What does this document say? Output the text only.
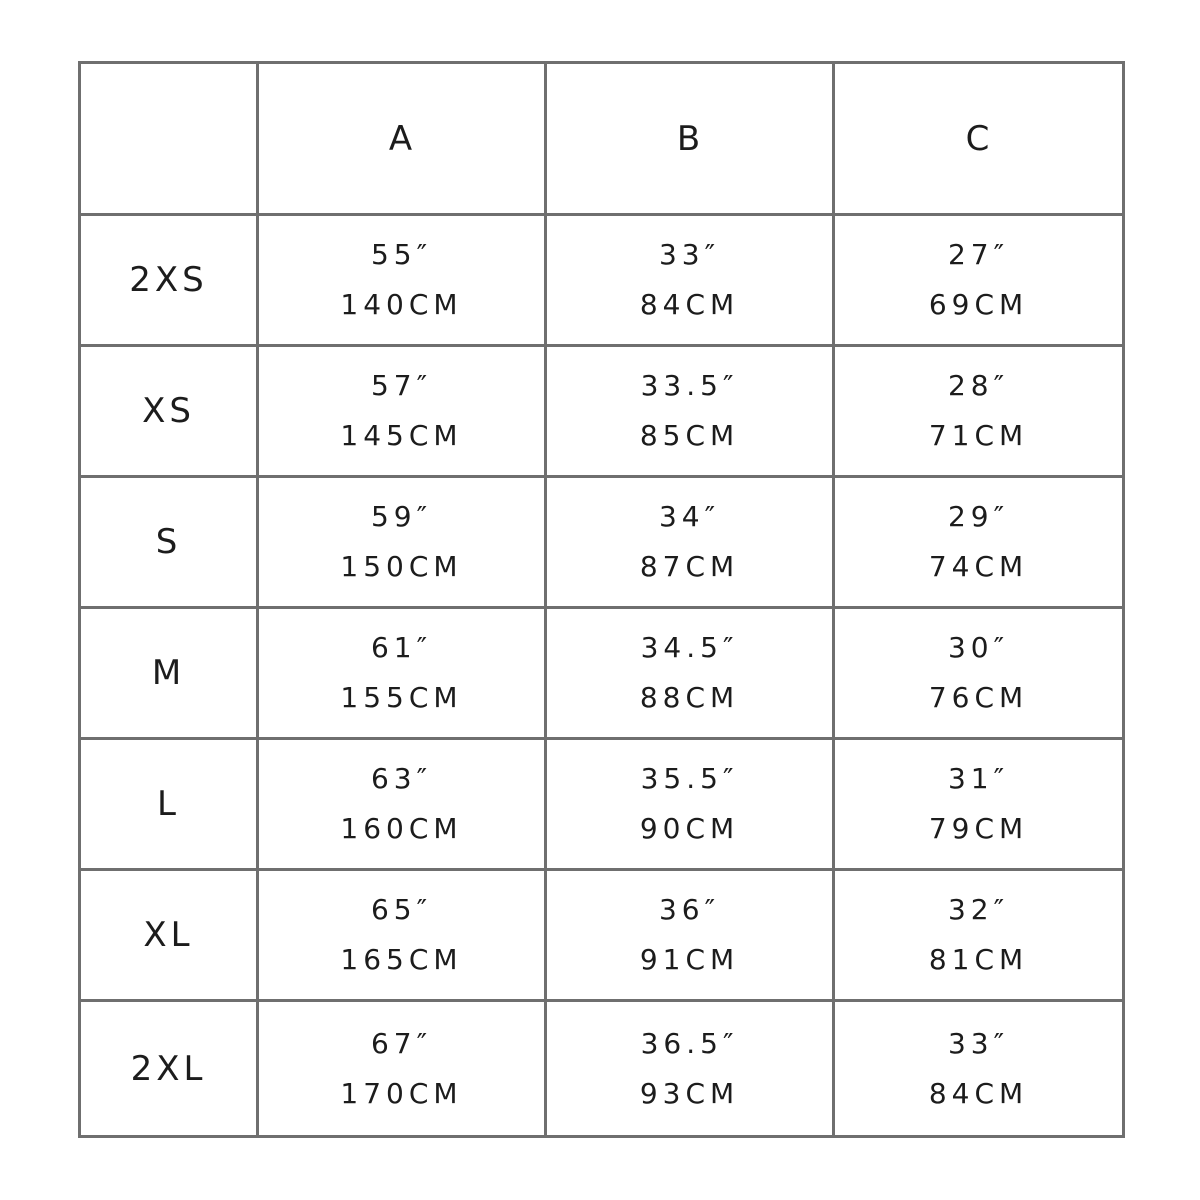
A	B	C
2XS
55″
140CM
33″
84CM
27″
69CM
XS
57″
145CM
33.5″
85CM
28″
71CM
S
59″
150CM
34″
87CM
29″
74CM
M
61″
155CM
34.5″
88CM
30″
76CM
L
63″
160CM
35.5″
90CM
31″
79CM
XL
65″
165CM
36″
91CM
32″
81CM
2XL
67″
170CM
36.5″
93CM
33″
84CM
